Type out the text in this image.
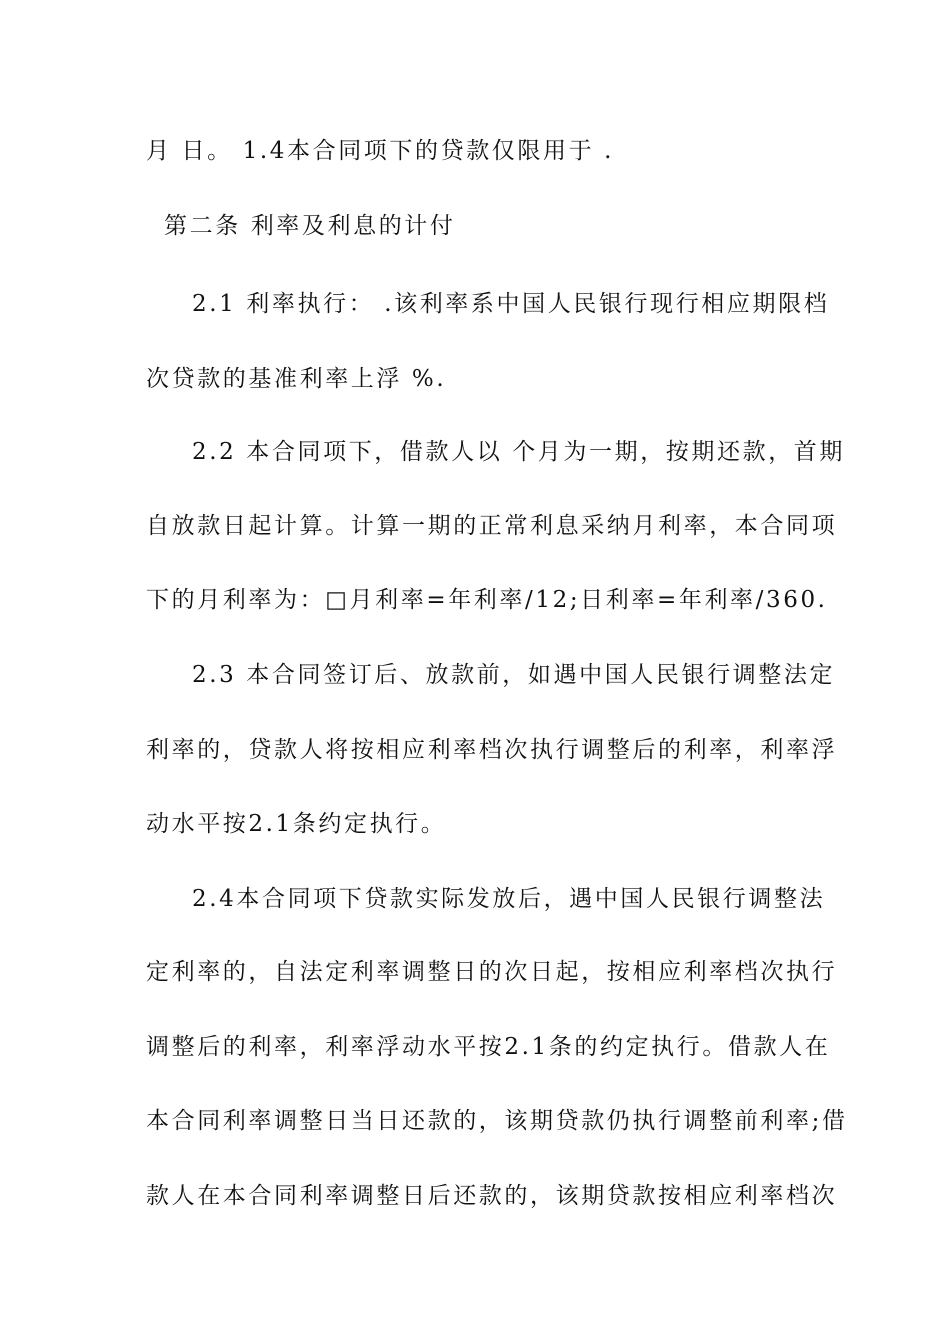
月 日。 1.4本合同项下的贷款仅限用于 .
第二条 利率及利息的计付
2.1 利率执行： .该利率系中国人民银行现行相应期限档
次贷款的基准利率上浮 %.
2.2 本合同项下，借款人以 个月为一期，按期还款，首期
自放款日起计算。计算一期的正常利息采纳月利率，本合同项
下的月利率为：□月利率=年利率/12;日利率=年利率/360.
2.3 本合同签订后、放款前，如遇中国人民银行调整法定
利率的，贷款人将按相应利率档次执行调整后的利率，利率浮
动水平按2.1条约定执行。
2.4本合同项下贷款实际发放后，遇中国人民银行调整法
定利率的，自法定利率调整日的次日起，按相应利率档次执行
调整后的利率，利率浮动水平按2.1条的约定执行。借款人在
本合同利率调整日当日还款的，该期贷款仍执行调整前利率;借
款人在本合同利率调整日后还款的，该期贷款按相应利率档次
